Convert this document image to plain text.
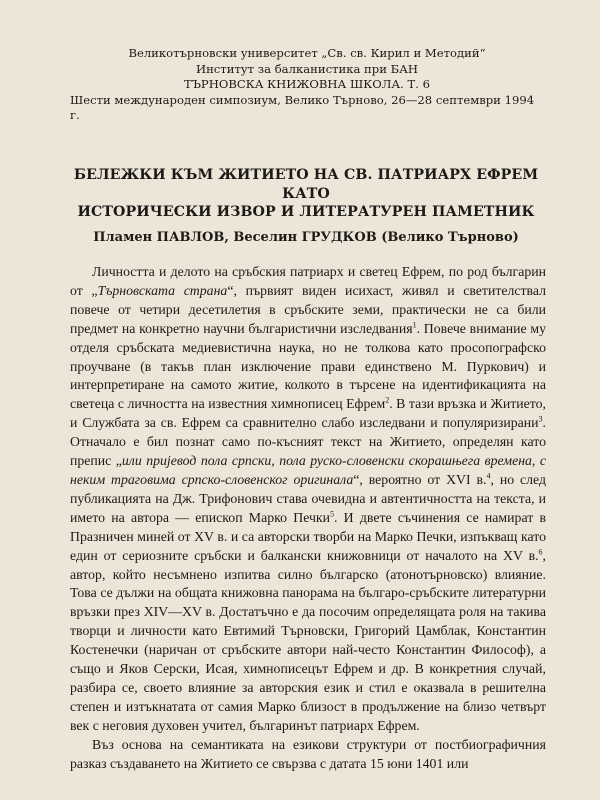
Великотърновски университет „Св. св. Кирил и Методий“
Институт за балканистика при БАН
ТЪРНОВСКА КНИЖОВНА ШКОЛА. Т. 6
Шести международен симпозиум, Велико Търново, 26—28 септември 1994 г.
БЕЛЕЖКИ КЪМ ЖИТИЕТО НА СВ. ПАТРИАРХ ЕФРЕМ КАТО
ИСТОРИЧЕСКИ ИЗВОР И ЛИТЕРАТУРЕН ПАМЕТНИК
Пламен ПАВЛОВ, Веселин ГРУДКОВ (Велико Търново)

Личността и делото на сръбския патриарх и светец Ефрем, по род българин от „Търновската страна“, първият виден исихаст, живял и светителствал повече от четири десетилетия в сръбските земи, практически не са били предмет на конкретно научни българистични изследвания$^1$. Повече внимание му отделя сръбската медиевистична наука, но не толкова като просопографско проучване (в такъв план изключение прави единствено М. Пуркович) и интерпретиране на самото житие, колкото в търсене на идентификацията на светеца с личността на известния химнописец Ефрем$^2$. В тази връзка и Житието, и Службата за св. Ефрем са сравнително слабо изследвани и популяризирани$^3$. Отначало е бил познат само по-късният текст на Житието, определян като препис „или пријевод пола српски, пола руско-словенски скорашњега времена, с неким траговима српско-словенског оригинала“, вероятно от XVI в.$^4$, но след публикацията на Дж. Трифонович става очевидна и автентичността на текста, и името на автора — епископ Марко Печки$^5$. И двете съчинения се намират в Празничен миней от XV в. и са авторски творби на Марко Печки, изпъкващ като един от сериозните сръбски и балкански книжовници от началото на XV в.$^6$, автор, който несъмнено изпитва силно българско (атонотърновско) влияние. Това се дължи на общата книжовна панорама на българо-сръбските литературни връзки през XIV—XV в. Достатъчно е да посочим определящата роля на такива творци и личности като Евтимий Търновски, Григорий Цамблак, Константин Костенечки (наричан от сръбските автори най-често Константин Философ), а също и Яков Серски, Исая, химнописецът Ефрем и др. В конкретния случай, разбира се, своето влияние за авторския език и стил е оказвала в решителна степен и изтъкнатата от самия Марко близост в продължение на близо четвърт век с неговия духовен учител, българинът патриарх Ефрем.

Въз основа на семантиката на езикови структури от постбиографичния разказ създаването на Житието се свързва с датата 15 юни 1401 или
